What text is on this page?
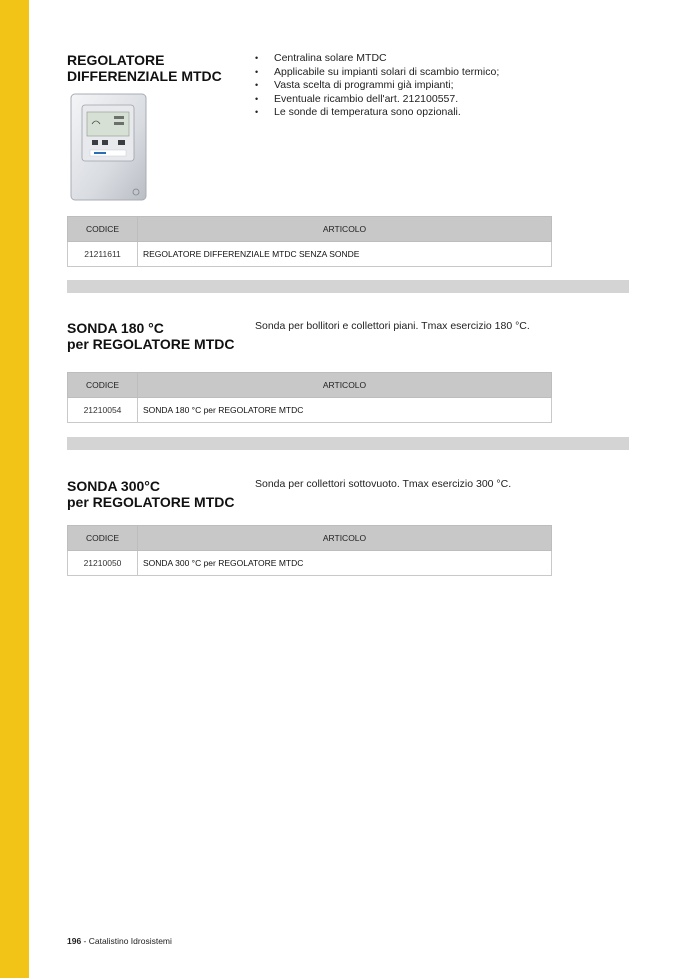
REGOLATORE
DIFFERENZIALE MTDC
• Centralina solare MTDC
• Applicabile su impianti solari di scambio termico;
• Vasta scelta di programmi già impianti;
• Eventuale ricambio dell'art. 212100557.
• Le sonde di temperatura sono opzionali.
CODICE	ARTICOLO
21211611	REGOLATORE DIFFERENZIALE MTDC SENZA SONDE
SONDA 180 °C
per REGOLATORE MTDC
Sonda per bollitori e collettori piani. Tmax esercizio 180 °C.
CODICE	ARTICOLO
21210054	SONDA 180 °C per REGOLATORE MTDC
SONDA 300°C
per REGOLATORE MTDC
Sonda per collettori sottovuoto. Tmax esercizio 300 °C.
CODICE	ARTICOLO
21210050	SONDA 300 °C per REGOLATORE MTDC
196 - Catalistino Idrosistemi
